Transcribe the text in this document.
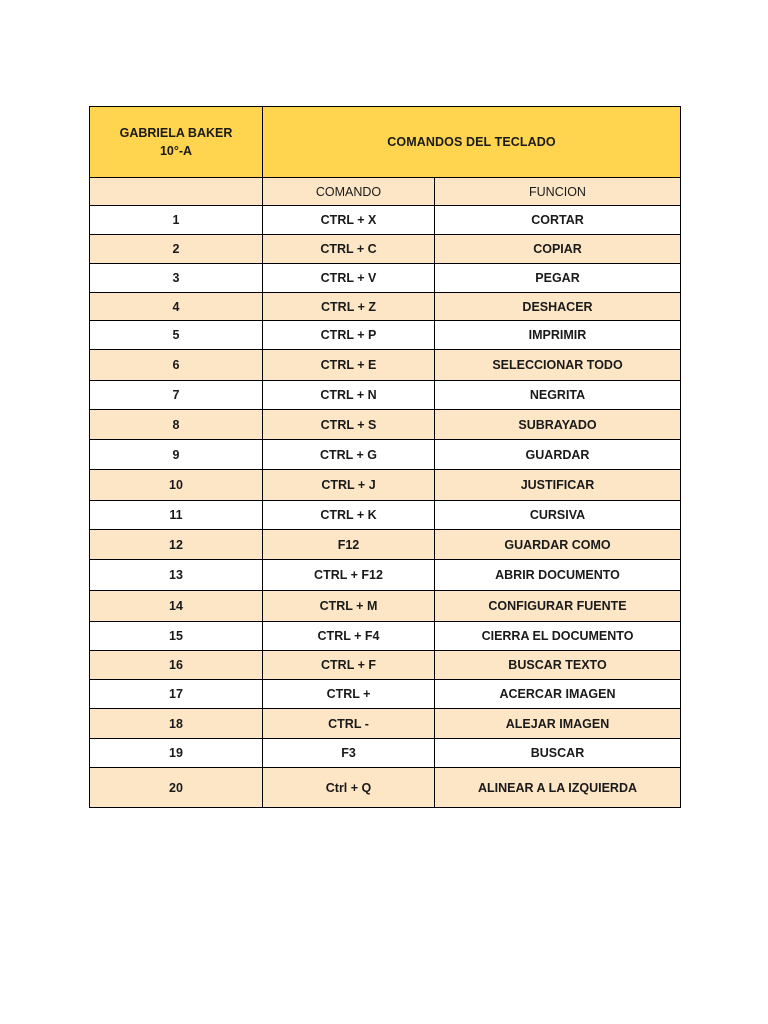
GABRIELA BAKER
10°-A	COMANDOS DEL TECLADO	
	COMANDO	FUNCION
1	CTRL + X	CORTAR
2	CTRL + C	COPIAR
3	CTRL + V	PEGAR
4	CTRL + Z	DESHACER
5	CTRL + P	IMPRIMIR
6	CTRL + E	SELECCIONAR TODO
7	CTRL + N	NEGRITA
8	CTRL + S	SUBRAYADO
9	CTRL + G	GUARDAR
10	CTRL + J	JUSTIFICAR
11	CTRL + K	CURSIVA
12	F12	GUARDAR COMO
13	CTRL + F12	ABRIR DOCUMENTO
14	CTRL + M	CONFIGURAR FUENTE
15	CTRL + F4	CIERRA EL DOCUMENTO
16	CTRL + F	BUSCAR TEXTO
17	CTRL +	ACERCAR IMAGEN
18	CTRL -	ALEJAR IMAGEN
19	F3	BUSCAR
20	Ctrl + Q	ALINEAR A LA IZQUIERDA
